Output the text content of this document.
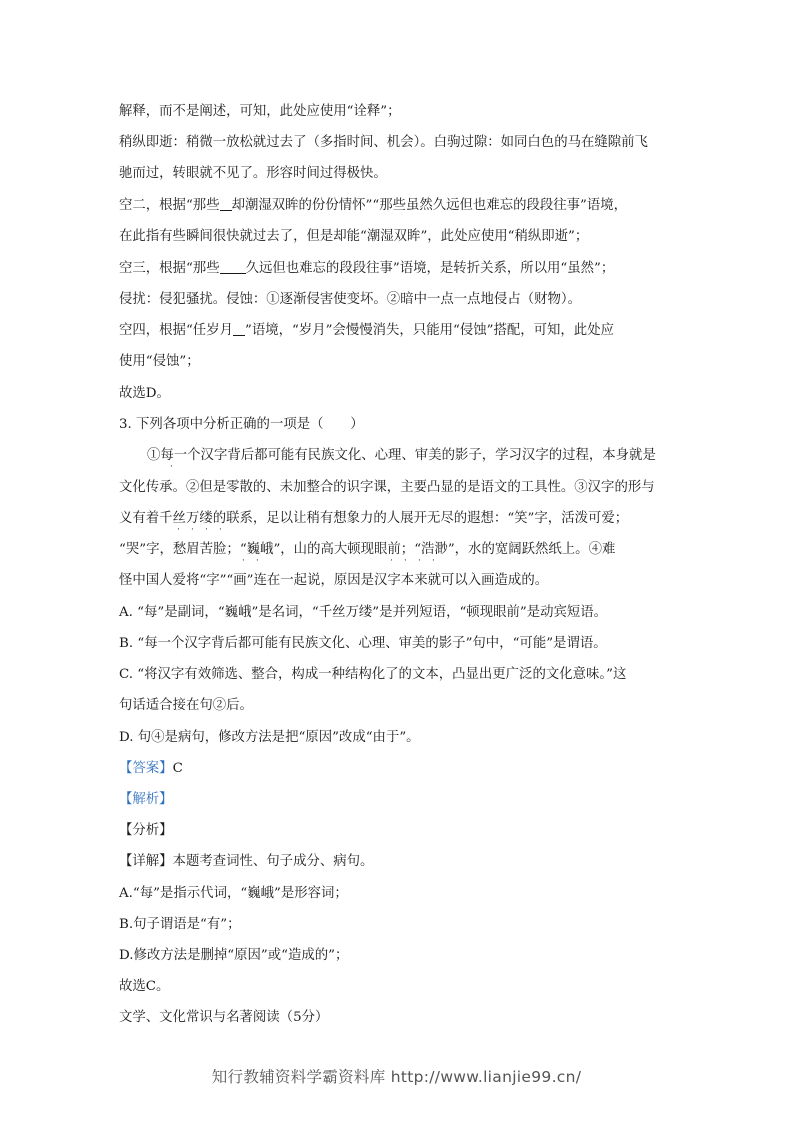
解释，而不是阐述，可知，此处应使用“诠释”；
稍纵即逝：稍微一放松就过去了（多指时间、机会）。白驹过隙：如同白色的马在缝隙前飞
驰而过，转眼就不见了。形容时间过得极快。
空二，根据“那些 却潮湿双眸的份份情怀”“那些虽然久远但也难忘的段段往事”语境，
在此指有些瞬间很快就过去了，但是却能“潮湿双眸”，此处应使用“稍纵即逝”；
空三，根据“那些 久远但也难忘的段段往事”语境，是转折关系，所以用“虽然”；
侵扰：侵犯骚扰。侵蚀：①逐渐侵害使变坏。②暗中一点一点地侵占（财物）。
空四，根据“任岁月 ”语境，“岁月”会慢慢消失，只能用“侵蚀”搭配，可知，此处应
使用“侵蚀”；
故选D。
3. 下列各项中分析正确的一项是（　　）
①每一个汉字背后都可能有民族文化、心理、审美的影子，学习汉字的过程，本身就是
·
文化传承。②但是零散的、未加整合的识字课，主要凸显的是语文的工具性。③汉字的形与
义有着千丝万缕的联系，足以让稍有想象力的人展开无尽的遐想：“笑”字，活泼可爱；
· · · ·
“哭”字，愁眉苦脸；“巍峨”，山的高大顿现眼前；“浩渺”，水的宽阔跃然纸上。④难
· ·	· · · ·
怪中国人爱将“字”“画”连在一起说，原因是汉字本来就可以入画造成的。
A. “每”是副词，“巍峨”是名词，“千丝万缕”是并列短语，“顿现眼前”是动宾短语。
B. “每一个汉字背后都可能有民族文化、心理、审美的影子”句中，“可能”是谓语。
C. “将汉字有效筛选、整合，构成一种结构化了的文本，凸显出更广泛的文化意味。”这
句话适合接在句②后。
D. 句④是病句，修改方法是把“原因”改成“由于”。
【答案】C
【解析】
【分析】
【详解】本题考查词性、句子成分、病句。
A.“每”是指示代词，“巍峨”是形容词；
B.句子谓语是“有”；
D.修改方法是删掉“原因”或“造成的”；
故选C。
文学、文化常识与名著阅读（5分）
知行教辅资料学霸资料库 http://www.lianjie99.cn/
